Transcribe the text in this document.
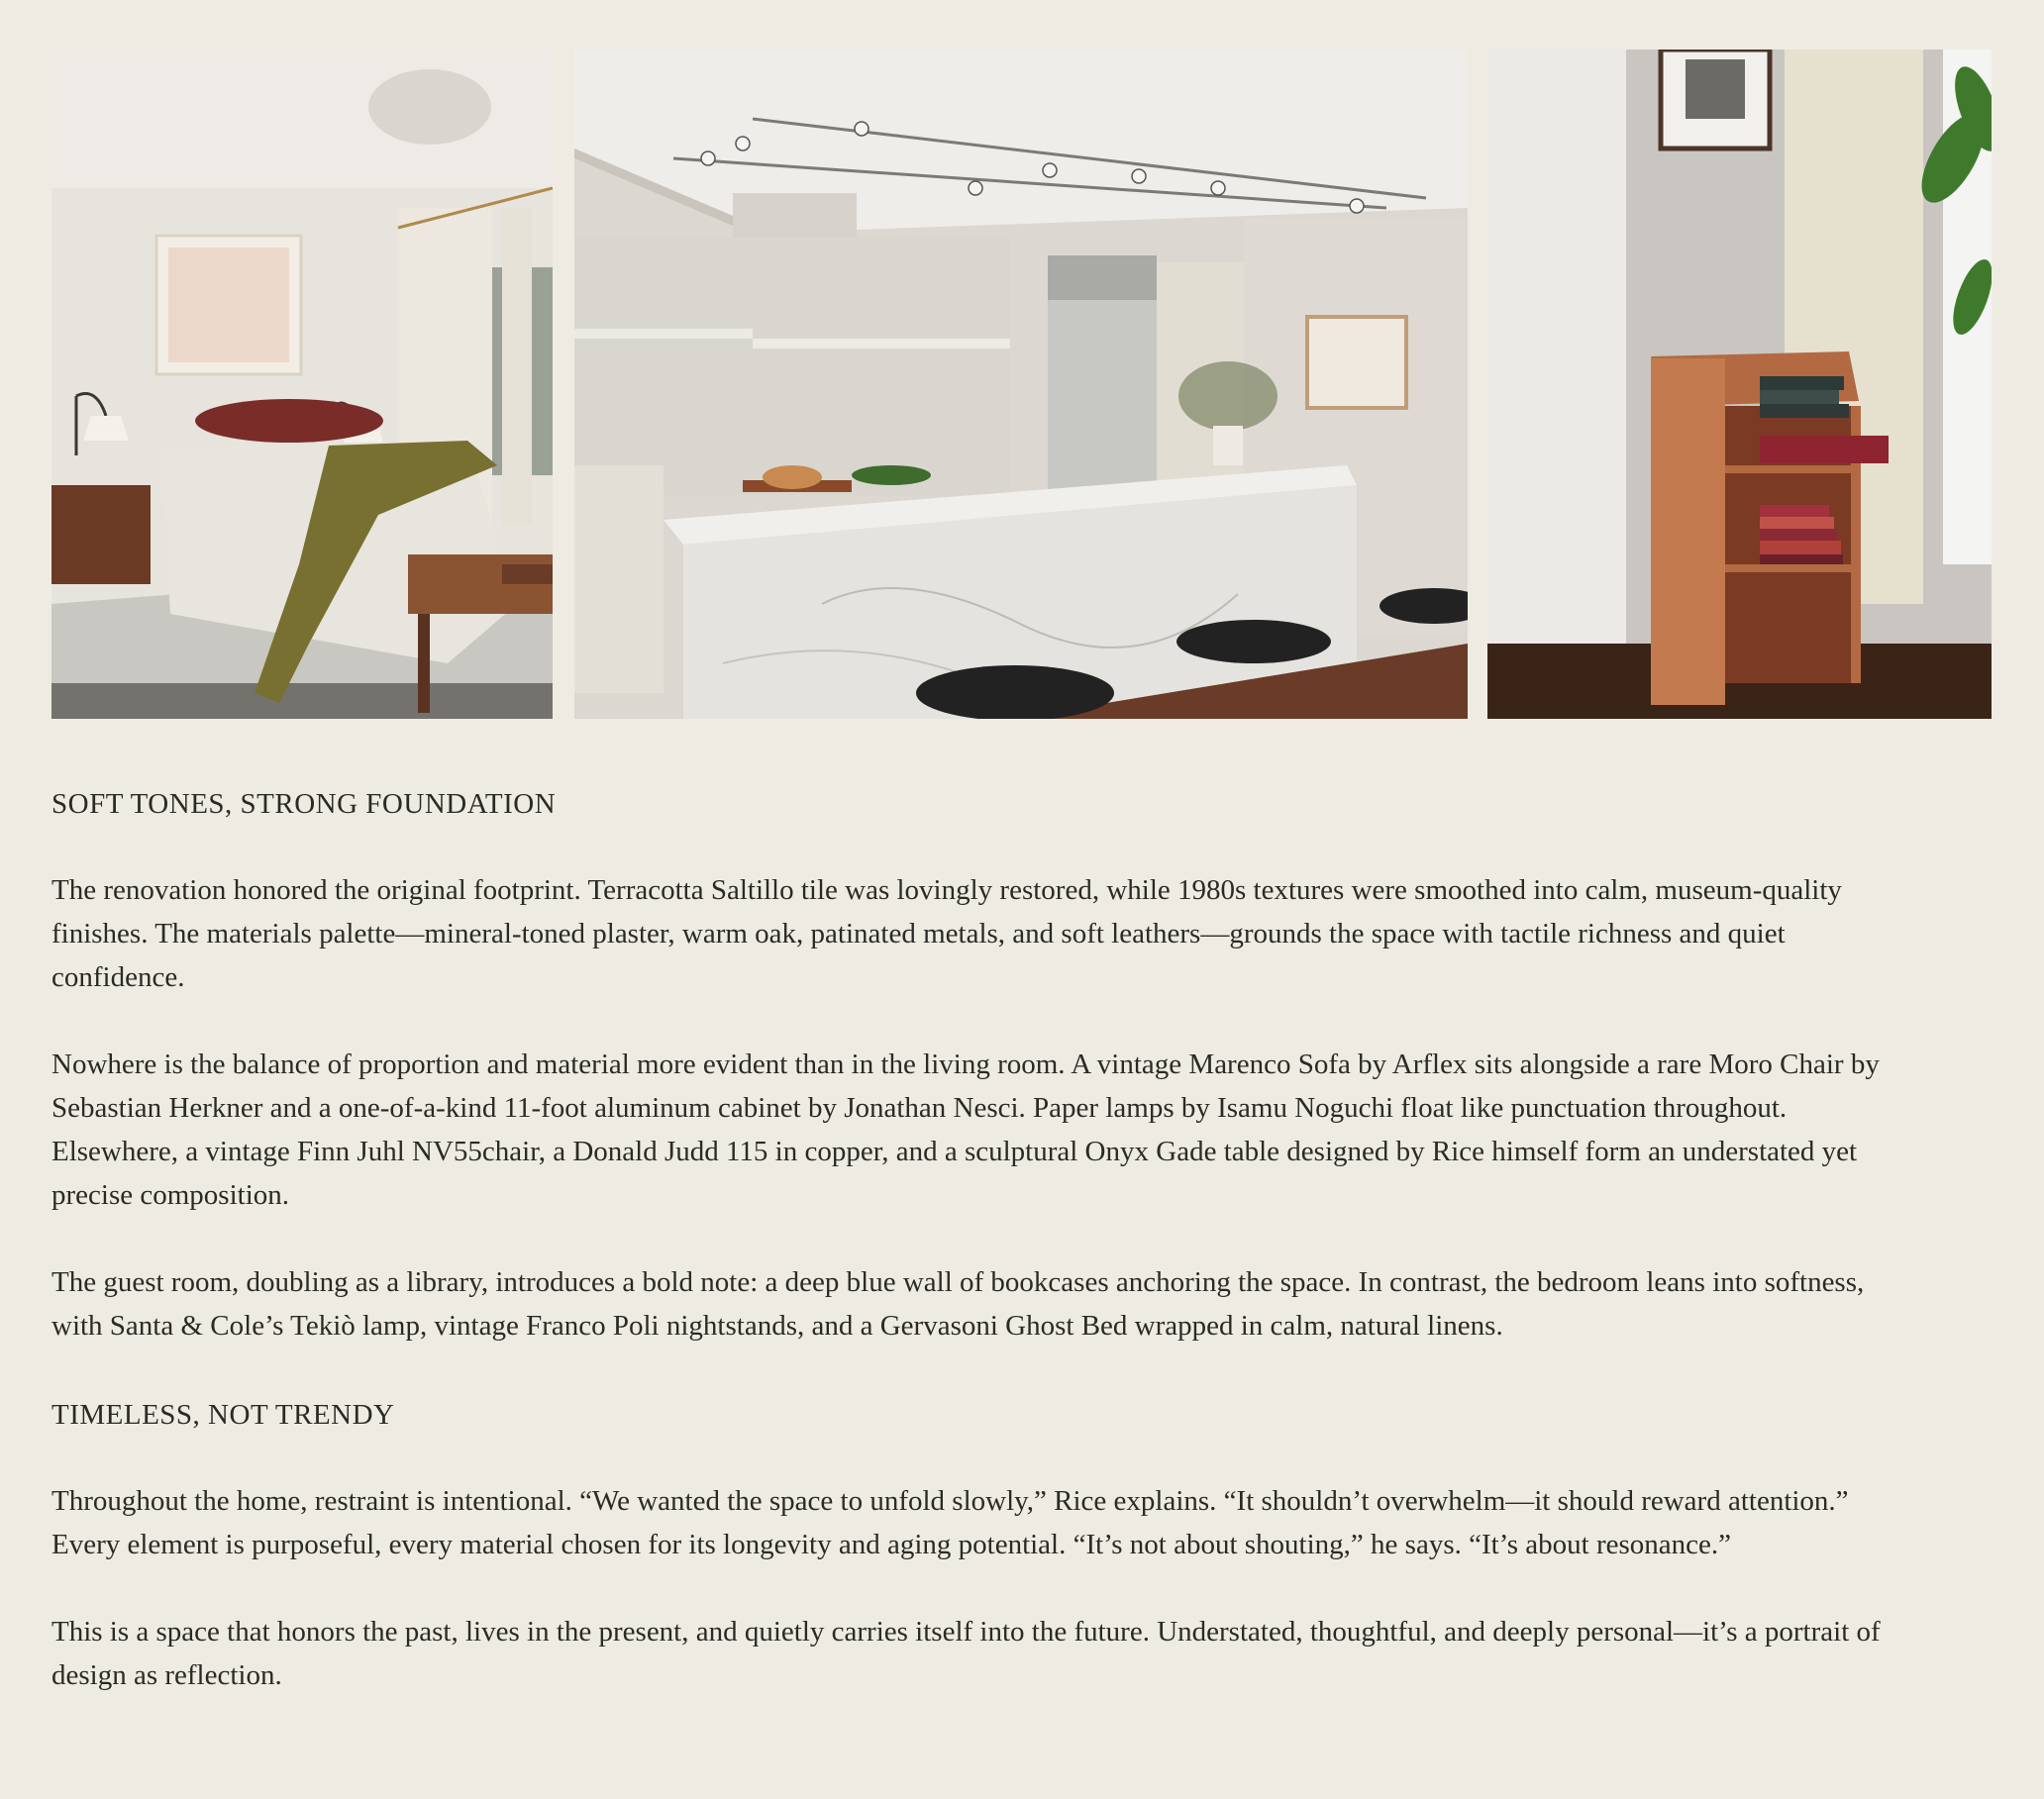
SOFT TONES, STRONG FOUNDATION

The renovation honored the original footprint. Terracotta Saltillo tile was lovingly restored, while 1980s textures were smoothed into calm, museum-quality finishes. The materials palette—mineral-toned plaster, warm oak, patinated metals, and soft leathers—grounds the space with tactile richness and quiet confidence.

Nowhere is the balance of proportion and material more evident than in the living room. A vintage Marenco Sofa by Arflex sits alongside a rare Moro Chair by Sebastian Herkner and a one-of-a-kind 11-foot aluminum cabinet by Jonathan Nesci. Paper lamps by Isamu Noguchi float like punctuation throughout. Elsewhere, a vintage Finn Juhl NV55chair, a Donald Judd 115 in copper, and a sculptural Onyx Gade table designed by Rice himself form an understated yet precise composition.

The guest room, doubling as a library, introduces a bold note: a deep blue wall of bookcases anchoring the space. In contrast, the bedroom leans into softness, with Santa & Cole’s Tekiò lamp, vintage Franco Poli nightstands, and a Gervasoni Ghost Bed wrapped in calm, natural linens.

TIMELESS, NOT TRENDY

Throughout the home, restraint is intentional. “We wanted the space to unfold slowly,” Rice explains. “It shouldn’t overwhelm—it should reward attention.” Every element is purposeful, every material chosen for its longevity and aging potential. “It’s not about shouting,” he says. “It’s about resonance.”

This is a space that honors the past, lives in the present, and quietly carries itself into the future. Understated, thoughtful, and deeply personal—it’s a portrait of design as reflection.
